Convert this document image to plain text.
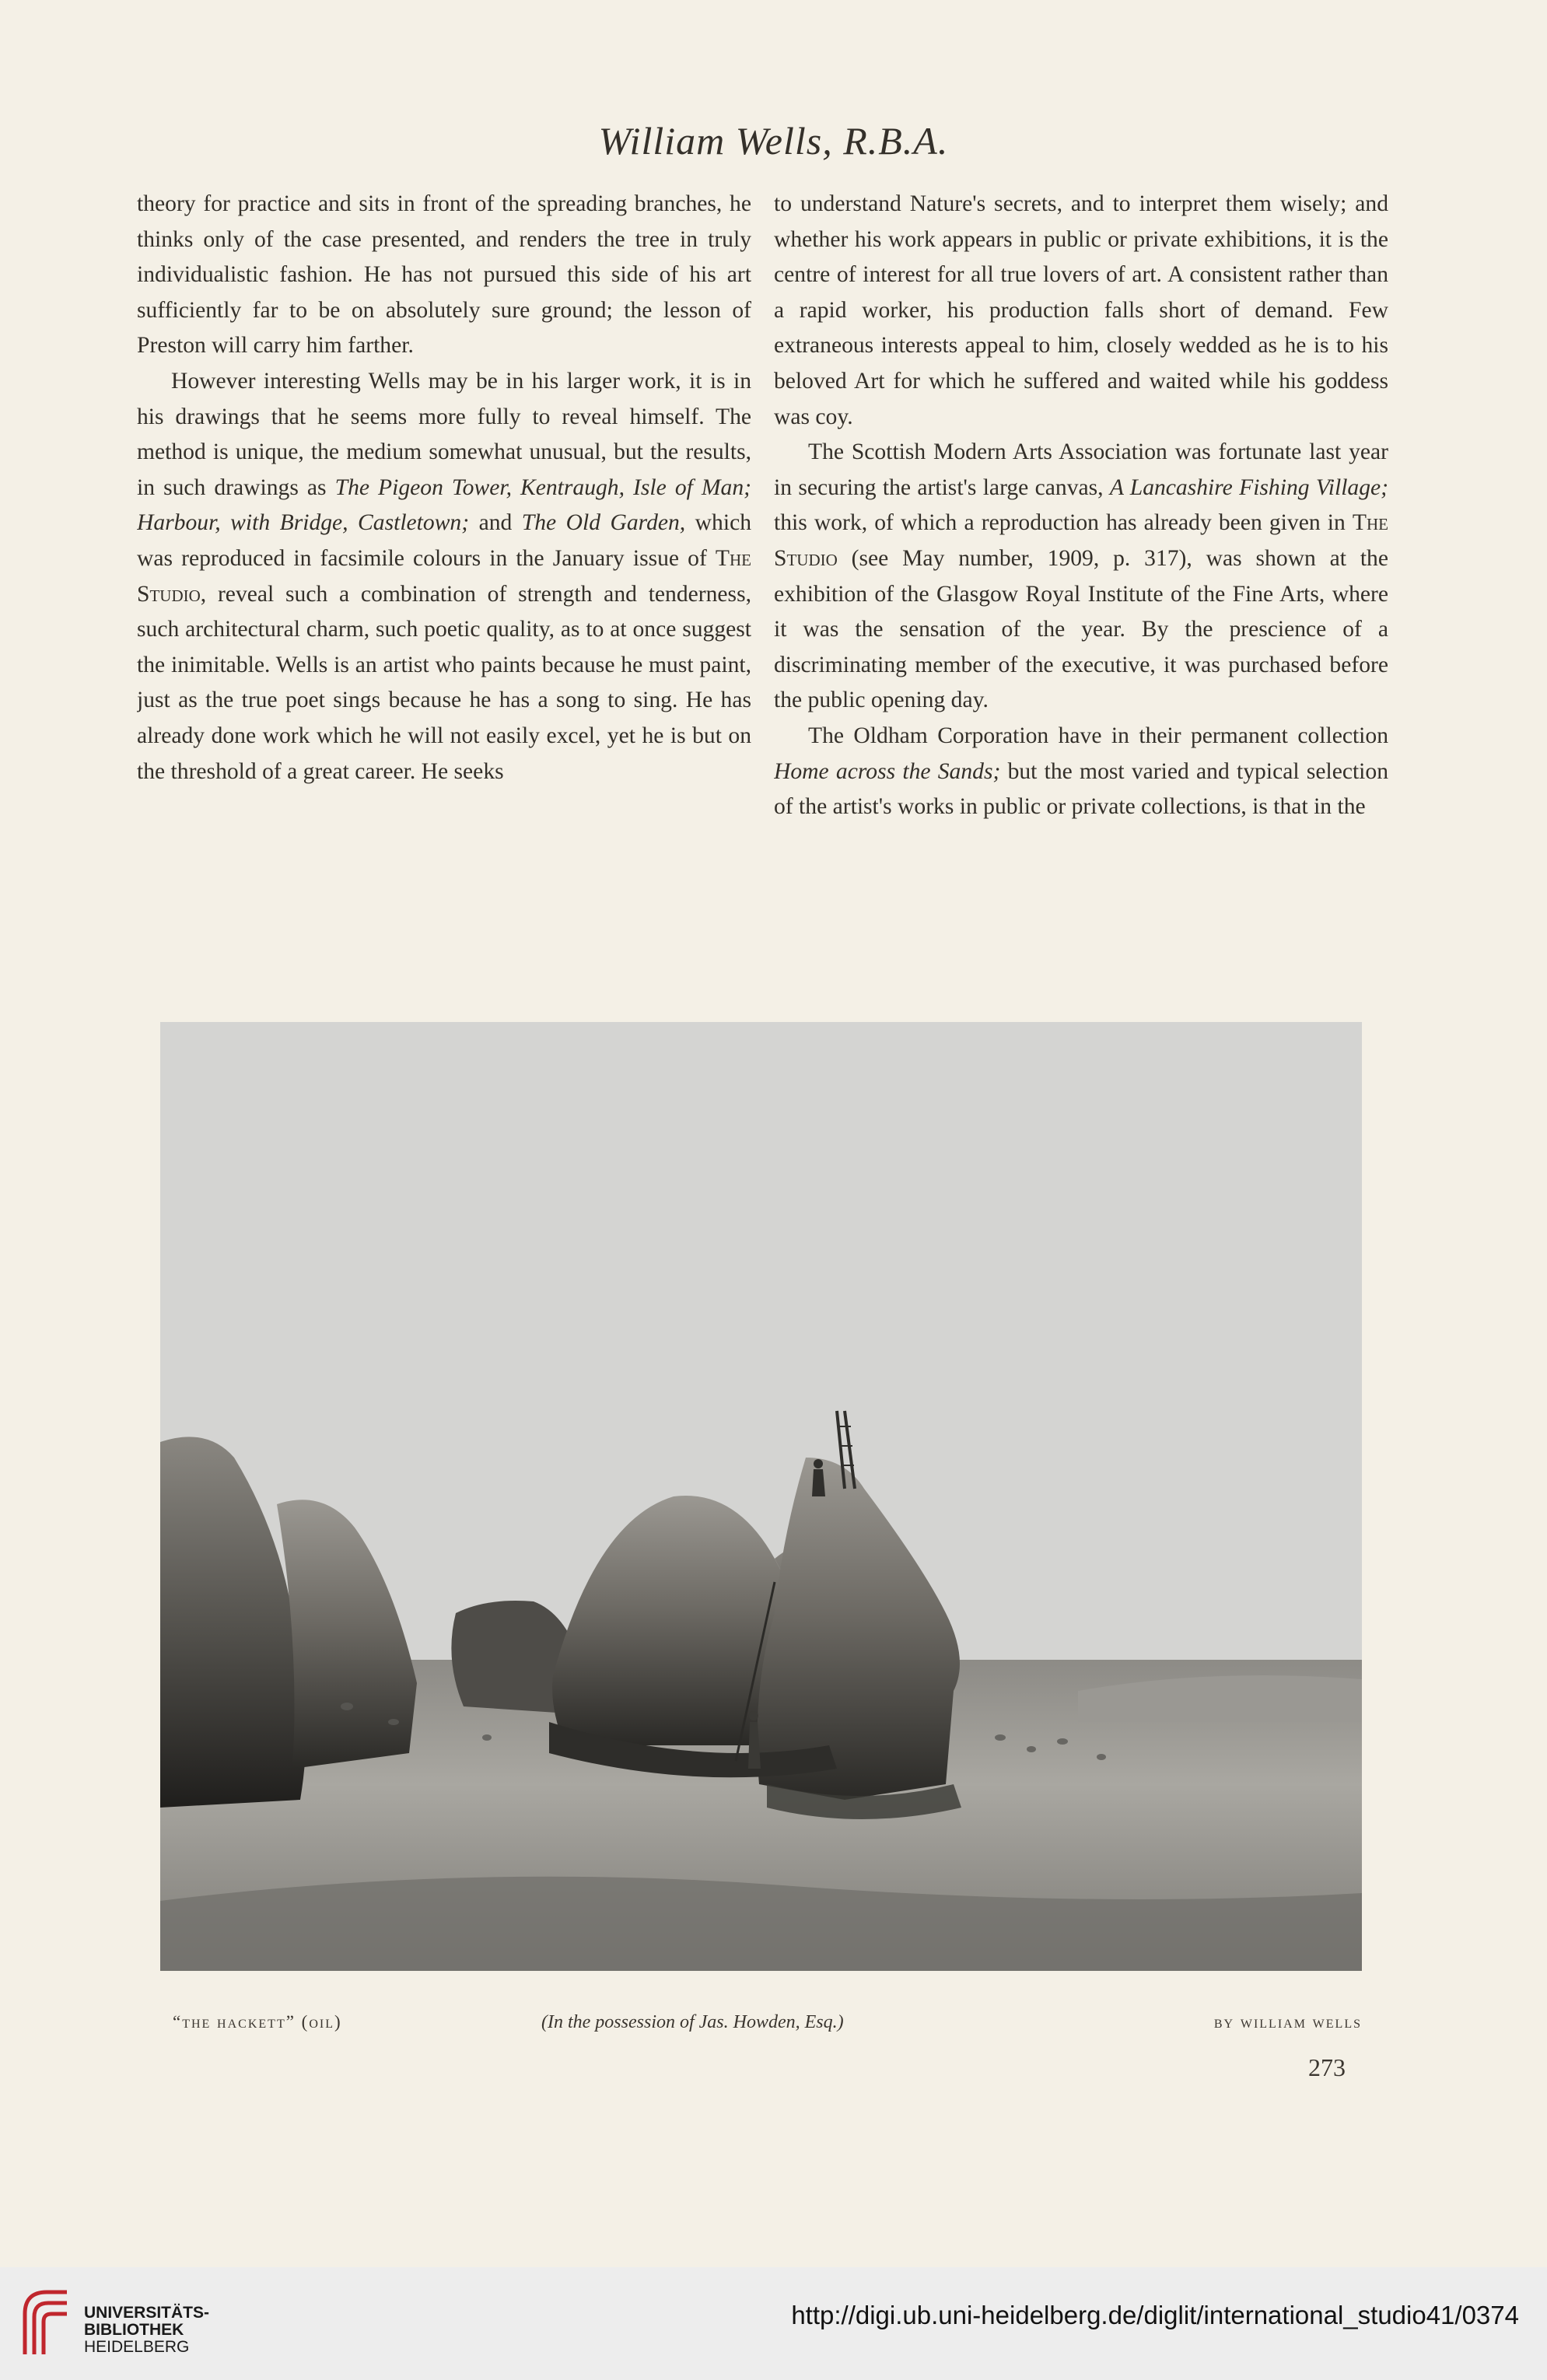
William Wells, R.B.A.

theory for practice and sits in front of the spreading branches, he thinks only of the case presented, and renders the tree in truly individualistic fashion. He has not pursued this side of his art sufficiently far to be on absolutely sure ground; the lesson of Preston will carry him farther.

However interesting Wells may be in his larger work, it is in his drawings that he seems more fully to reveal himself. The method is unique, the medium somewhat unusual, but the results, in such drawings as The Pigeon Tower, Kentraugh, Isle of Man; Harbour, with Bridge, Castletown; and The Old Garden, which was reproduced in facsimile colours in the January issue of The Studio, reveal such a combination of strength and tenderness, such architectural charm, such poetic quality, as to at once suggest the inimitable. Wells is an artist who paints because he must paint, just as the true poet sings because he has a song to sing. He has already done work which he will not easily excel, yet he is but on the threshold of a great career. He seeks

to understand Nature's secrets, and to interpret them wisely; and whether his work appears in public or private exhibitions, it is the centre of interest for all true lovers of art. A consistent rather than a rapid worker, his production falls short of demand. Few extraneous interests appeal to him, closely wedded as he is to his beloved Art for which he suffered and waited while his goddess was coy.

The Scottish Modern Arts Association was fortunate last year in securing the artist's large canvas, A Lancashire Fishing Village; this work, of which a reproduction has already been given in The Studio (see May number, 1909, p. 317), was shown at the exhibition of the Glasgow Royal Institute of the Fine Arts, where it was the sensation of the year. By the prescience of a discriminating member of the executive, it was purchased before the public opening day.

The Oldham Corporation have in their permanent collection Home across the Sands; but the most varied and typical selection of the artist's works in public or private collections, is that in the

“the hackett” (oil)	(In the possession of Jas. Howden, Esq.)	by william wells
273
UNIVERSITÄTS-
BIBLIOTHEK
HEIDELBERG
http://digi.ub.uni-heidelberg.de/diglit/international_studio41/0374
